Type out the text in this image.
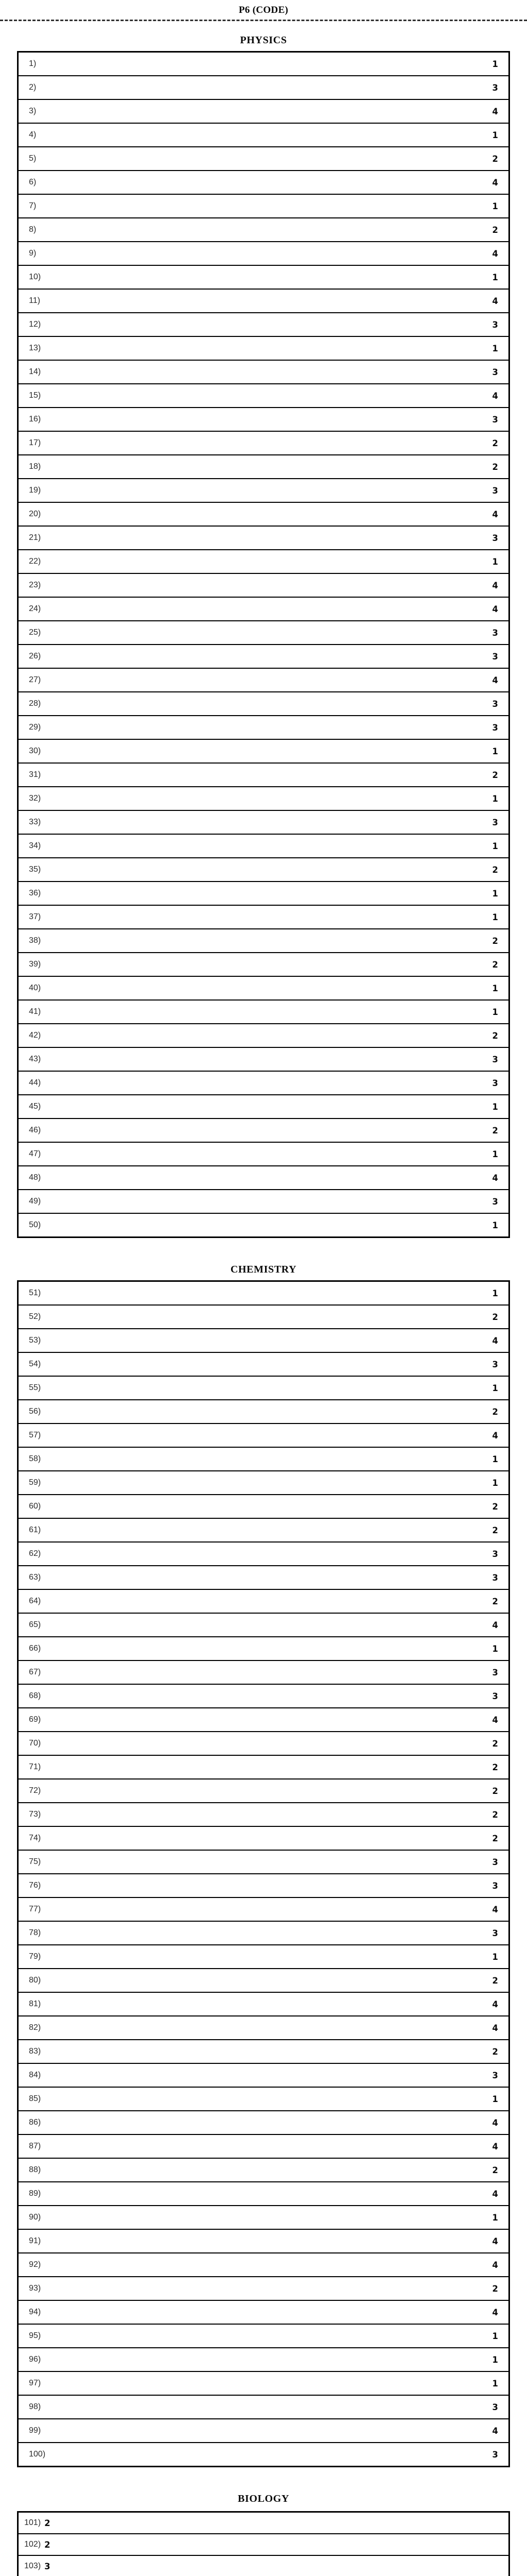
P6 (CODE)
PHYSICS
1)	1
2)	3
3)	4
4)	1
5)	2
6)	4
7)	1
8)	2
9)	4
10)	1

11)	4
12)	3
13)	1
14)	3
15)	4
16)	3
17)	2
18)	2
19)	3
20)	4

21)	3
22)	1
23)	4
24)	4
25)	3
26)	3
27)	4
28)	3
29)	3
30)	1

31)	2
32)	1
33)	3
34)	1
35)	2
36)	1
37)	1
38)	2
39)	2
40)	1

41)	1
42)	2
43)	3
44)	3
45)	1
46)	2
47)	1
48)	4
49)	3
50)	1
CHEMISTRY
51)	1
52)	2
53)	4
54)	3
55)	1
56)	2
57)	4
58)	1
59)	1
60)	2

61)	2
62)	3
63)	3
64)	2
65)	4
66)	1
67)	3
68)	3
69)	4
70)	2

71)	2
72)	2
73)	2
74)	2
75)	3
76)	3
77)	4
78)	3
79)	1
80)	2

81)	4
82)	4
83)	2
84)	3
85)	1
86)	4
87)	4
88)	2
89)	4
90)	1

91)	4
92)	4
93)	2
94)	4
95)	1
96)	1
97)	1
98)	3
99)	4
100)	3
BIOLOGY
101) 2
102) 2
103) 3
